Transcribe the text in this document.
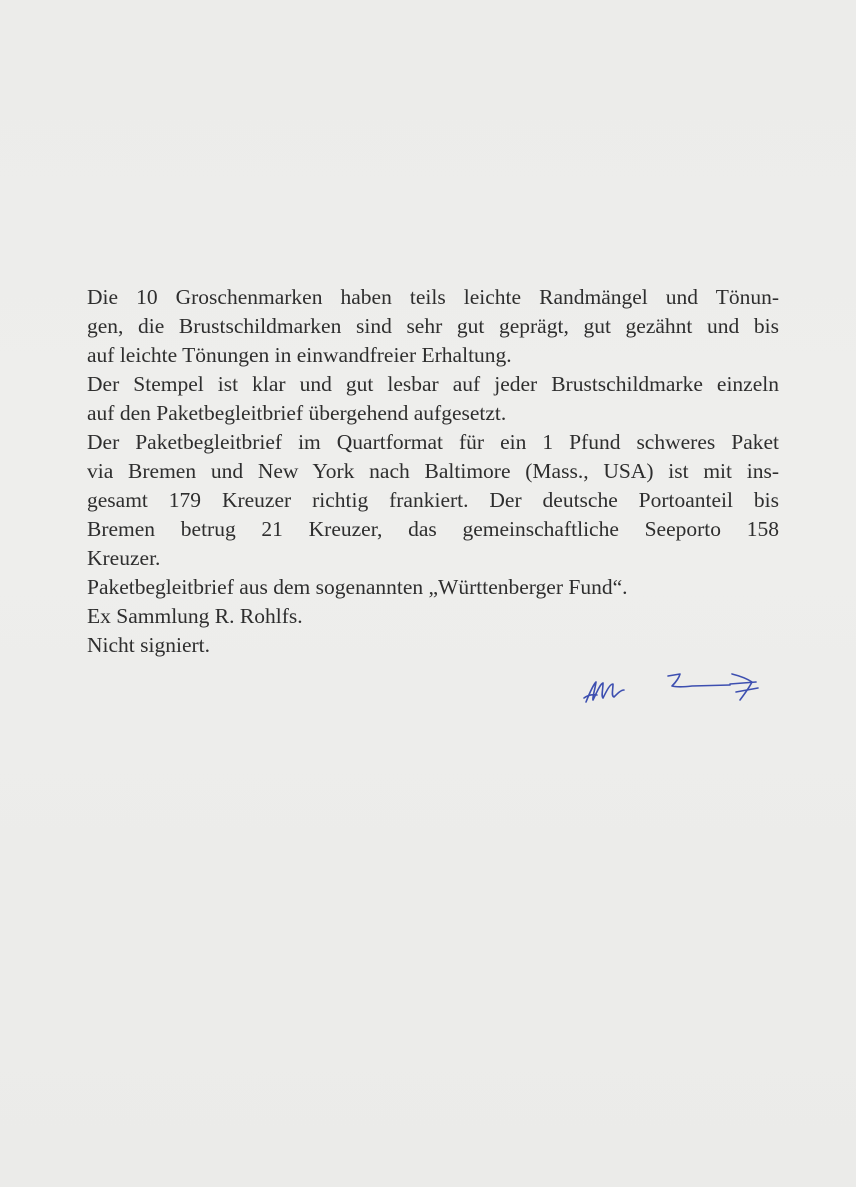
Die 10 Groschenmarken haben teils leichte Randmängel und Tönun-
gen, die Brustschildmarken sind sehr gut geprägt, gut gezähnt und bis
auf leichte Tönungen in einwandfreier Erhaltung.
Der Stempel ist klar und gut lesbar auf jeder Brustschildmarke einzeln
auf den Paketbegleitbrief übergehend aufgesetzt.
Der Paketbegleitbrief im Quartformat für ein 1 Pfund schweres Paket
via Bremen und New York nach Baltimore (Mass., USA) ist mit ins-
gesamt 179 Kreuzer richtig frankiert. Der deutsche Portoanteil bis
Bremen betrug 21 Kreuzer, das gemeinschaftliche Seeporto 158
Kreuzer.
Paketbegleitbrief aus dem sogenannten „Württenberger Fund“.
Ex Sammlung R. Rohlfs.
Nicht signiert.
